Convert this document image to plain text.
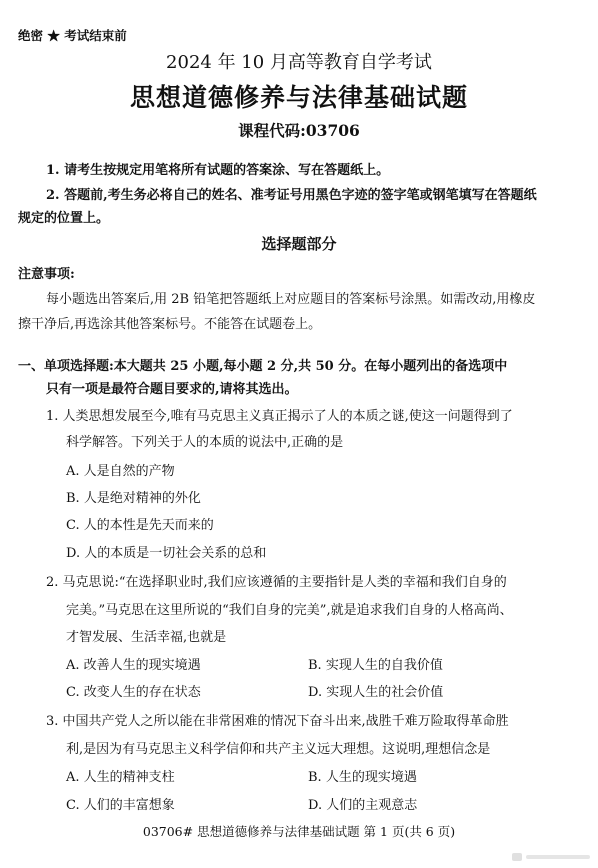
绝密 ★ 考试结束前
2024 年 10 月高等教育自学考试
思想道德修养与法律基础试题
课程代码:03706
1. 请考生按规定用笔将所有试题的答案涂、写在答题纸上。
2. 答题前,考生务必将自己的姓名、准考证号用黑色字迹的签字笔或钢笔填写在答题纸
规定的位置上。
选择题部分
注意事项:
每小题选出答案后,用 2B 铅笔把答题纸上对应题目的答案标号涂黑。如需改动,用橡皮
擦干净后,再选涂其他答案标号。不能答在试题卷上。
一、单项选择题:本大题共 25 小题,每小题 2 分,共 50 分。在每小题列出的备选项中
只有一项是最符合题目要求的,请将其选出。
1. 人类思想发展至今,唯有马克思主义真正揭示了人的本质之谜,使这一问题得到了
科学解答。下列关于人的本质的说法中,正确的是
A. 人是自然的产物
B. 人是绝对精神的外化
C. 人的本性是先天而来的
D. 人的本质是一切社会关系的总和
2. 马克思说:“在选择职业时,我们应该遵循的主要指针是人类的幸福和我们自身的
完美。”马克思在这里所说的“我们自身的完美”,就是追求我们自身的人格高尚、
才智发展、生活幸福,也就是
A. 改善人生的现实境遇	B. 实现人生的自我价值
C. 改变人生的存在状态	D. 实现人生的社会价值
3. 中国共产党人之所以能在非常困难的情况下奋斗出来,战胜千难万险取得革命胜
利,是因为有马克思主义科学信仰和共产主义远大理想。这说明,理想信念是
A. 人生的精神支柱	B. 人生的现实境遇
C. 人们的丰富想象	D. 人们的主观意志
03706# 思想道德修养与法律基础试题 第 1 页(共 6 页)
